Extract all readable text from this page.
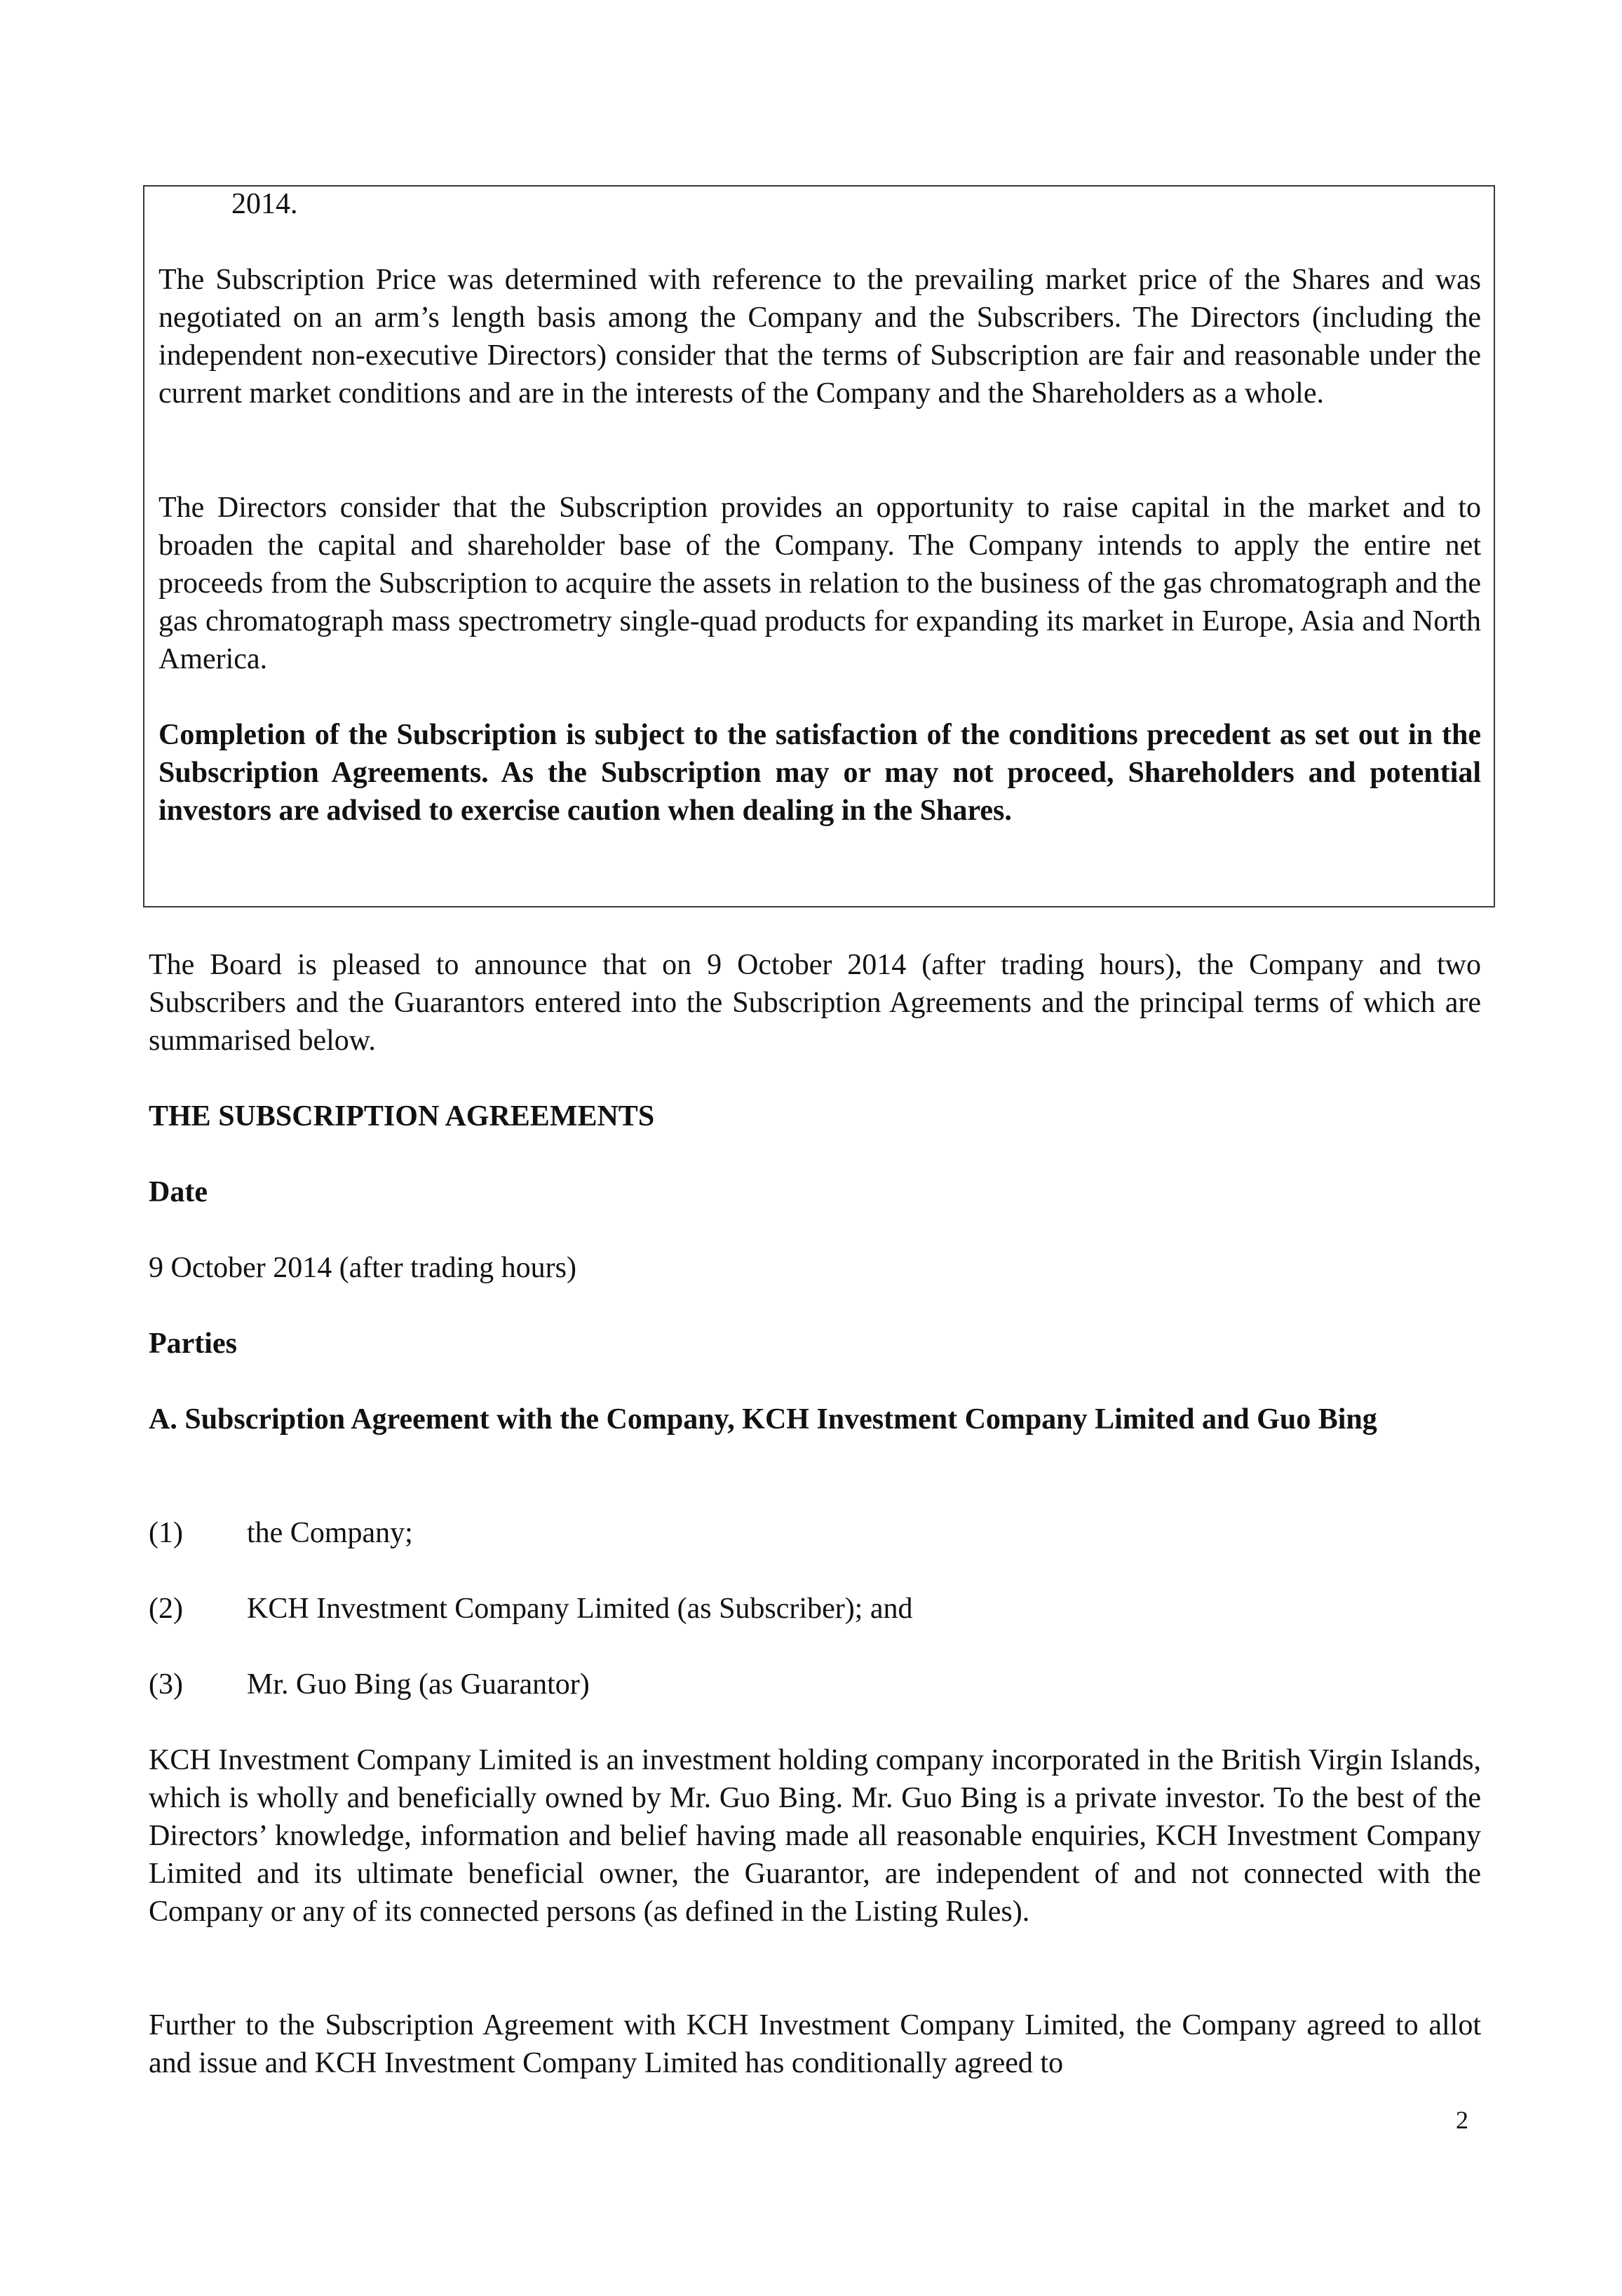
2014.

The Subscription Price was determined with reference to the prevailing market price of the Shares and was negotiated on an arm’s length basis among the Company and the Subscribers. The Directors (including the independent non-executive Directors) consider that the terms of Subscription are fair and reasonable under the current market conditions and are in the interests of the Company and the Shareholders as a whole.

The Directors consider that the Subscription provides an opportunity to raise capital in the market and to broaden the capital and shareholder base of the Company. The Company intends to apply the entire net proceeds from the Subscription to acquire the assets in relation to the business of the gas chromatograph and the gas chromatograph mass spectrometry single-quad products for expanding its market in Europe, Asia and North America.

Completion of the Subscription is subject to the satisfaction of the conditions precedent as set out in the Subscription Agreements. As the Subscription may or may not proceed, Shareholders and potential investors are advised to exercise caution when dealing in the Shares.

The Board is pleased to announce that on 9 October 2014 (after trading hours), the Company and two Subscribers and the Guarantors entered into the Subscription Agreements and the principal terms of which are summarised below.

THE SUBSCRIPTION AGREEMENTS

Date

9 October 2014 (after trading hours)

Parties

A. Subscription Agreement with the Company, KCH Investment Company Limited and Guo Bing

(1) the Company;

(2) KCH Investment Company Limited (as Subscriber); and

(3) Mr. Guo Bing (as Guarantor)

KCH Investment Company Limited is an investment holding company incorporated in the British Virgin Islands, which is wholly and beneficially owned by Mr. Guo Bing. Mr. Guo Bing is a private investor. To the best of the Directors’ knowledge, information and belief having made all reasonable enquiries, KCH Investment Company Limited and its ultimate beneficial owner, the Guarantor, are independent of and not connected with the Company or any of its connected persons (as defined in the Listing Rules).

Further to the Subscription Agreement with KCH Investment Company Limited, the Company agreed to allot and issue and KCH Investment Company Limited has conditionally agreed to

2
